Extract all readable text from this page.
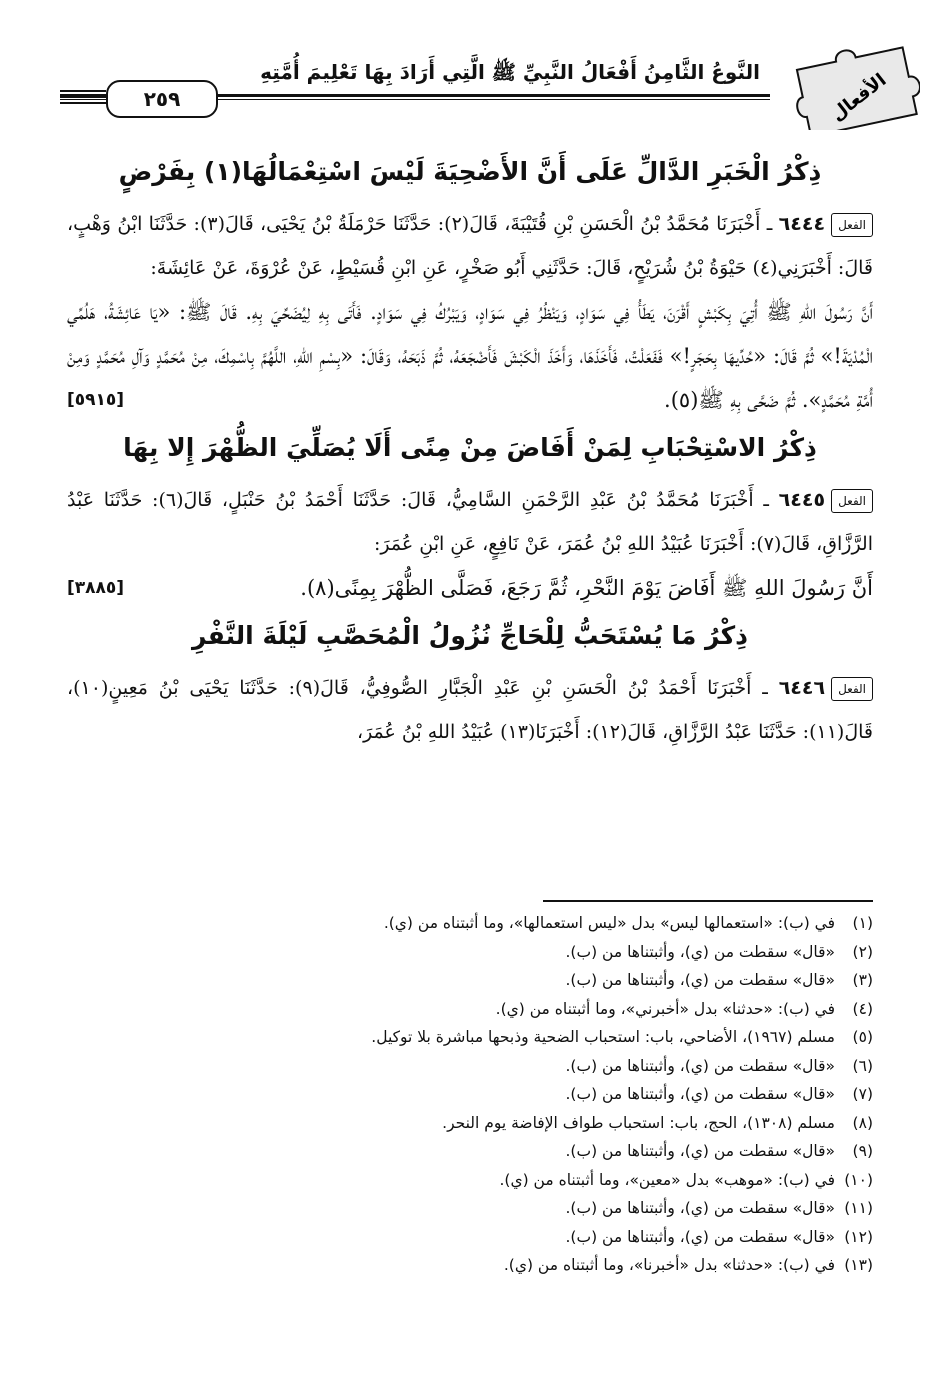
الأفعال
النَّوعُ الثَّامِنُ أَفْعَالُ النَّبِيِّ ﷺ الَّتِي أَرَادَ بِهَا تَعْلِيمَ أُمَّتِهِ
٢٥٩
ذِكْرُ الْخَبَرِ الدَّالِّ عَلَى أَنَّ الأَضْحِيَةَ لَيْسَ اسْتِعْمَالُهَا(١) بِفَرْضٍ

الفعل٦٤٤٤ ـ أَخْبَرَنَا مُحَمَّدُ بْنُ الْحَسَنِ بْنِ قُتَيْبَةَ، قَالَ(٢): حَدَّثَنَا حَرْمَلَةُ بْنُ يَحْيَى، قَالَ(٣): حَدَّثَنَا ابْنُ وَهْبٍ، قَالَ: أَخْبَرَنِي(٤) حَيْوَةُ بْنُ شُرَيْحٍ، قَالَ: حَدَّثَنِي أَبُو صَخْرٍ، عَنِ ابْنِ قُسَيْطٍ، عَنْ عُرْوَةَ، عَنْ عَائِشَةَ:

أَنَّ رَسُولَ اللهِ ﷺ أُتِيَ بِكَبْشٍ أَقْرَنَ، يَطَأُ فِي سَوَادٍ، وَيَنْظُرُ فِي سَوَادٍ، وَيَبْرُكُ فِي سَوَادٍ. فَأَتَى بِهِ لِيُضَحِّيَ بِهِ. قَالَ ﷺ: «يَا عَائِشَةُ، هَلُمِّي الْمُدْيَةَ!» ثُمَّ قَالَ: «حُدِّيهَا بِحَجَرٍ!» فَفَعَلْتُ، فَأَخَذَهَا، وَأَخَذَ الْكَبْشَ فَأَضْجَعَهُ، ثُمَّ ذَبَحَهُ، وَقَالَ: «بِسْمِ اللهِ، اللَّهُمَّ بِاسْمِكَ، مِنْ مُحَمَّدٍ وَآلِ مُحَمَّدٍ وَمِنْ أُمَّةِ مُحَمَّدٍ». ثُمَّ ضَحَّى بِهِ ﷺ(٥).
[٥٩١٥]

ذِكْرُ الاسْتِحْبَابِ لِمَنْ أَفَاضَ مِنْ مِنًى أَلَا يُصَلِّيَ الظُّهْرَ إِلا بِهَا

الفعل٦٤٤٥ ـ أَخْبَرَنَا مُحَمَّدُ بْنُ عَبْدِ الرَّحْمَنِ السَّامِيُّ، قَالَ: حَدَّثَنَا أَحْمَدُ بْنُ حَنْبَلٍ، قَالَ(٦): حَدَّثَنَا عَبْدُ الرَّزَّاقِ، قَالَ(٧): أَخْبَرَنَا عُبَيْدُ اللهِ بْنُ عُمَرَ، عَنْ نَافِعٍ، عَنِ ابْنِ عُمَرَ:

أَنَّ رَسُولَ اللهِ ﷺ أَفَاضَ يَوْمَ النَّحْرِ، ثُمَّ رَجَعَ، فَصَلَّى الظُّهْرَ بِمِنًى(٨).
[٣٨٨٥]

ذِكْرُ مَا يُسْتَحَبُّ لِلْحَاجِّ نُزُولُ الْمُحَصَّبِ لَيْلَةَ النَّفْرِ

الفعل٦٤٤٦ ـ أَخْبَرَنَا أَحْمَدُ بْنُ الْحَسَنِ بْنِ عَبْدِ الْجَبَّارِ الصُّوفِيُّ، قَالَ(٩): حَدَّثَنَا يَحْيَى بْنُ مَعِينٍ(١٠)، قَالَ(١١): حَدَّثَنَا عَبْدُ الرَّزَّاقِ، قَالَ(١٢): أَخْبَرَنَا(١٣) عُبَيْدُ اللهِ بْنُ عُمَرَ،

(١)في (ب): «استعمالها ليس» بدل «ليس استعمالها»، وما أثبتناه من (ي).
(٢)«قال» سقطت من (ي)، وأثبتناها من (ب).
(٣)«قال» سقطت من (ي)، وأثبتناها من (ب).
(٤)في (ب): «حدثنا» بدل «أخبرني»، وما أثبتناه من (ي).
(٥)مسلم (١٩٦٧)، الأضاحي، باب: استحباب الضحية وذبحها مباشرة بلا توكيل.
(٦)«قال» سقطت من (ي)، وأثبتناها من (ب).
(٧)«قال» سقطت من (ي)، وأثبتناها من (ب).
(٨)مسلم (١٣٠٨)، الحج، باب: استحباب طواف الإفاضة يوم النحر.
(٩)«قال» سقطت من (ي)، وأثبتناها من (ب).
(١٠)في (ب): «موهب» بدل «معين»، وما أثبتناه من (ي).
(١١)«قال» سقطت من (ي)، وأثبتناها من (ب).
(١٢)«قال» سقطت من (ي)، وأثبتناها من (ب).
(١٣)في (ب): «حدثنا» بدل «أخبرنا»، وما أثبتناه من (ي).
